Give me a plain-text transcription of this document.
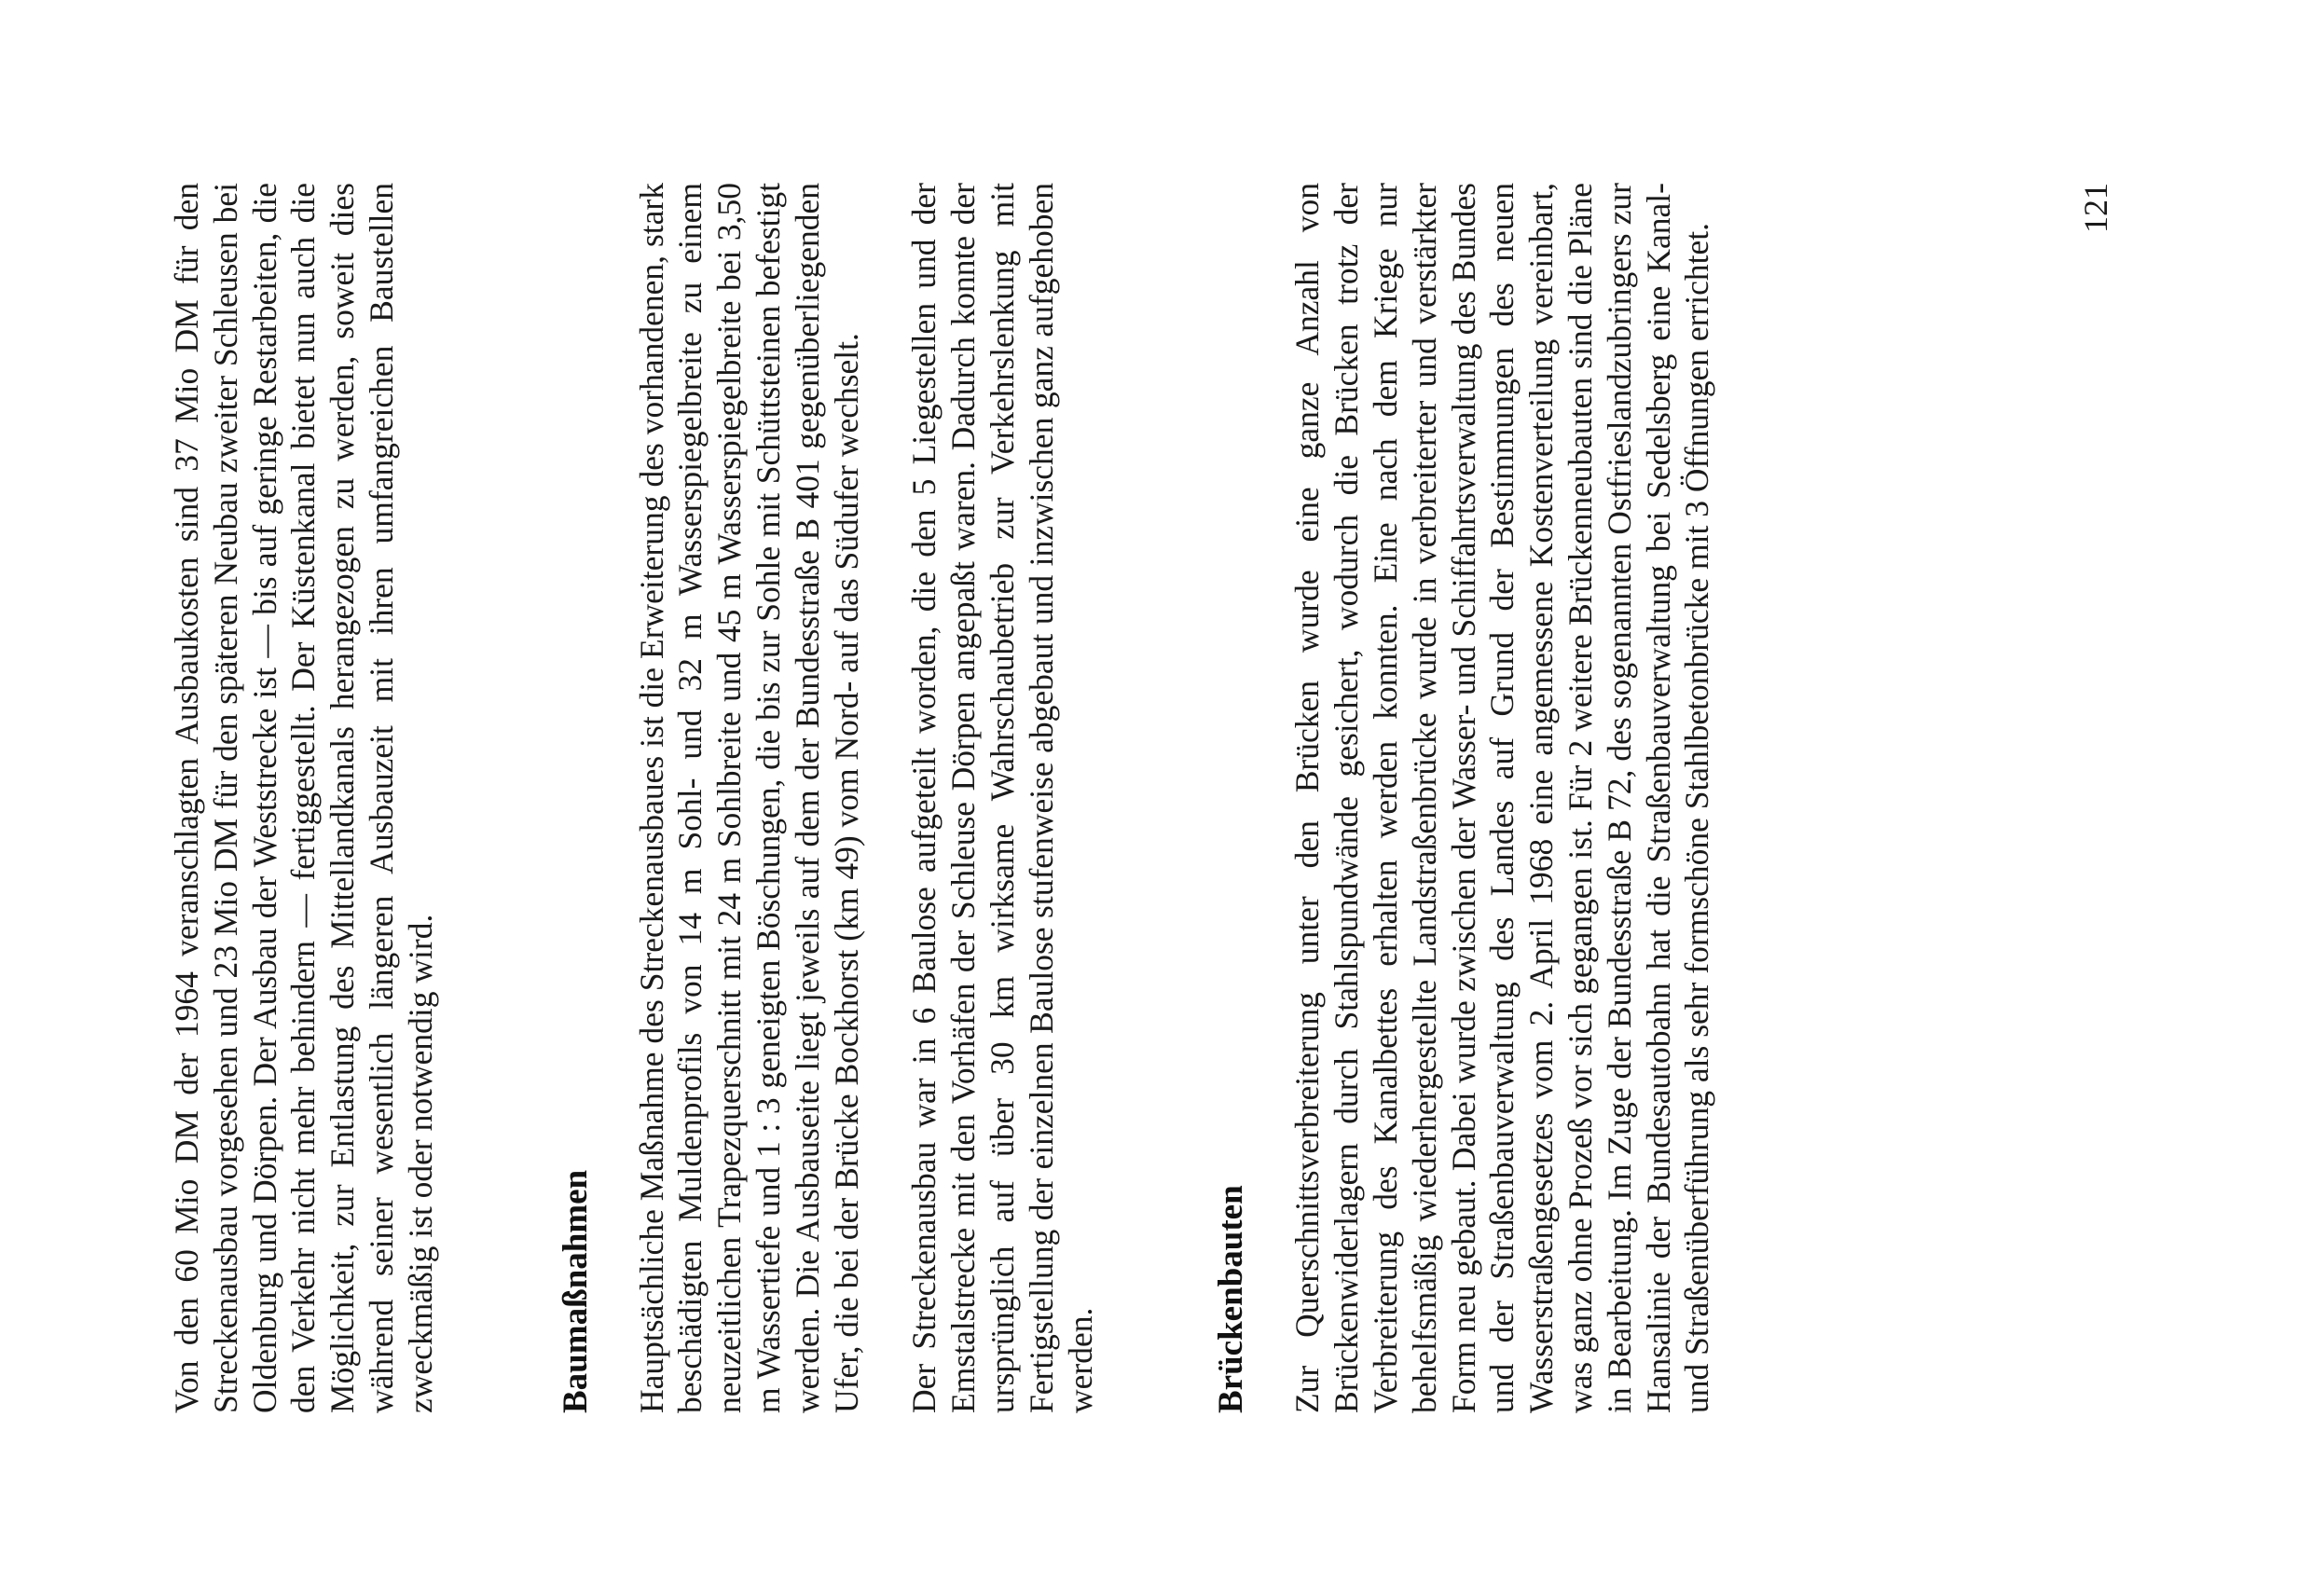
Von den 60 Mio DM der 1964 veranschlagten Ausbaukosten sind 37 Mio DM für den Streckenausbau vorgesehen und 23 Mio DM für den späteren Neubau zweiter Schleusen bei Oldenburg und Dörpen. Der Ausbau der Weststrecke ist — bis auf geringe Restarbeiten, die den Verkehr nicht mehr behindern — fertiggestellt. Der Küstenkanal bietet nun auch die Möglichkeit, zur Entlastung des Mittellandkanals herangezogen zu werden, soweit dies während seiner wesentlich längeren Ausbauzeit mit ihren umfangreichen Baustellen zweckmäßig ist oder notwendig wird.	Baumaßnahmen Hauptsächliche Maßnahme des Streckenausbaues ist die Erweiterung des vorhandenen, stark beschädigten Muldenprofils von 14 m Sohl- und 32 m Wasserspiegelbreite zu einem neuzeitlichen Trapezquerschnitt mit 24 m Sohlbreite und 45 m Wasserspiegelbreite bei 3,50 m Wassertiefe und 1 : 3 geneigten Böschungen, die bis zur Sohle mit Schüttsteinen befestigt werden. Die Ausbauseite liegt jeweils auf dem der Bundesstraße B 401 gegenüberliegenden Ufer, die bei der Brücke Bockhorst (km 49) vom Nord- auf das Südufer wechselt. Der Streckenausbau war in 6 Baulose aufgeteilt worden, die den 5 Liegestellen und der Emstalstrecke mit den Vorhäfen der Schleuse Dörpen angepaßt waren. Dadurch konnte der ursprünglich auf über 30 km wirksame Wahrschaubetrieb zur Verkehrslenkung mit Fertigstellung der einzelnen Baulose stufenweise abgebaut und inzwischen ganz aufgehoben werden.	Brückenbauten Zur Querschnittsverbreiterung unter den Brücken wurde eine ganze Anzahl von Brückenwiderlagern durch Stahlspundwände gesichert, wodurch die Brücken trotz der Verbreiterung des Kanalbettes erhalten werden konnten. Eine nach dem Kriege nur behelfsmäßig wiederhergestellte Landstraßenbrücke wurde in verbreiterter und verstärkter Form neu gebaut. Dabei wurde zwischen der Wasser- und Schiffahrtsverwaltung des Bundes und der Straßenbauverwaltung des Landes auf Grund der Bestimmungen des neuen Wasserstraßengesetzes vom 2. April 1968 eine angemessene Kostenverteilung vereinbart, was ganz ohne Prozeß vor sich gegangen ist. Für 2 weitere Brückenneubauten sind die Pläne in Bearbeitung. Im Zuge der Bundesstraße B 72, des sogenannten Ostfrieslandzubringers zur Hansalinie der Bundesautobahn hat die Straßenbauverwaltung bei Sedelsberg eine Kanal- und Straßenüberführung als sehr formschöne Stahlbetonbrücke mit 3 Öffnungen errichtet.

121
